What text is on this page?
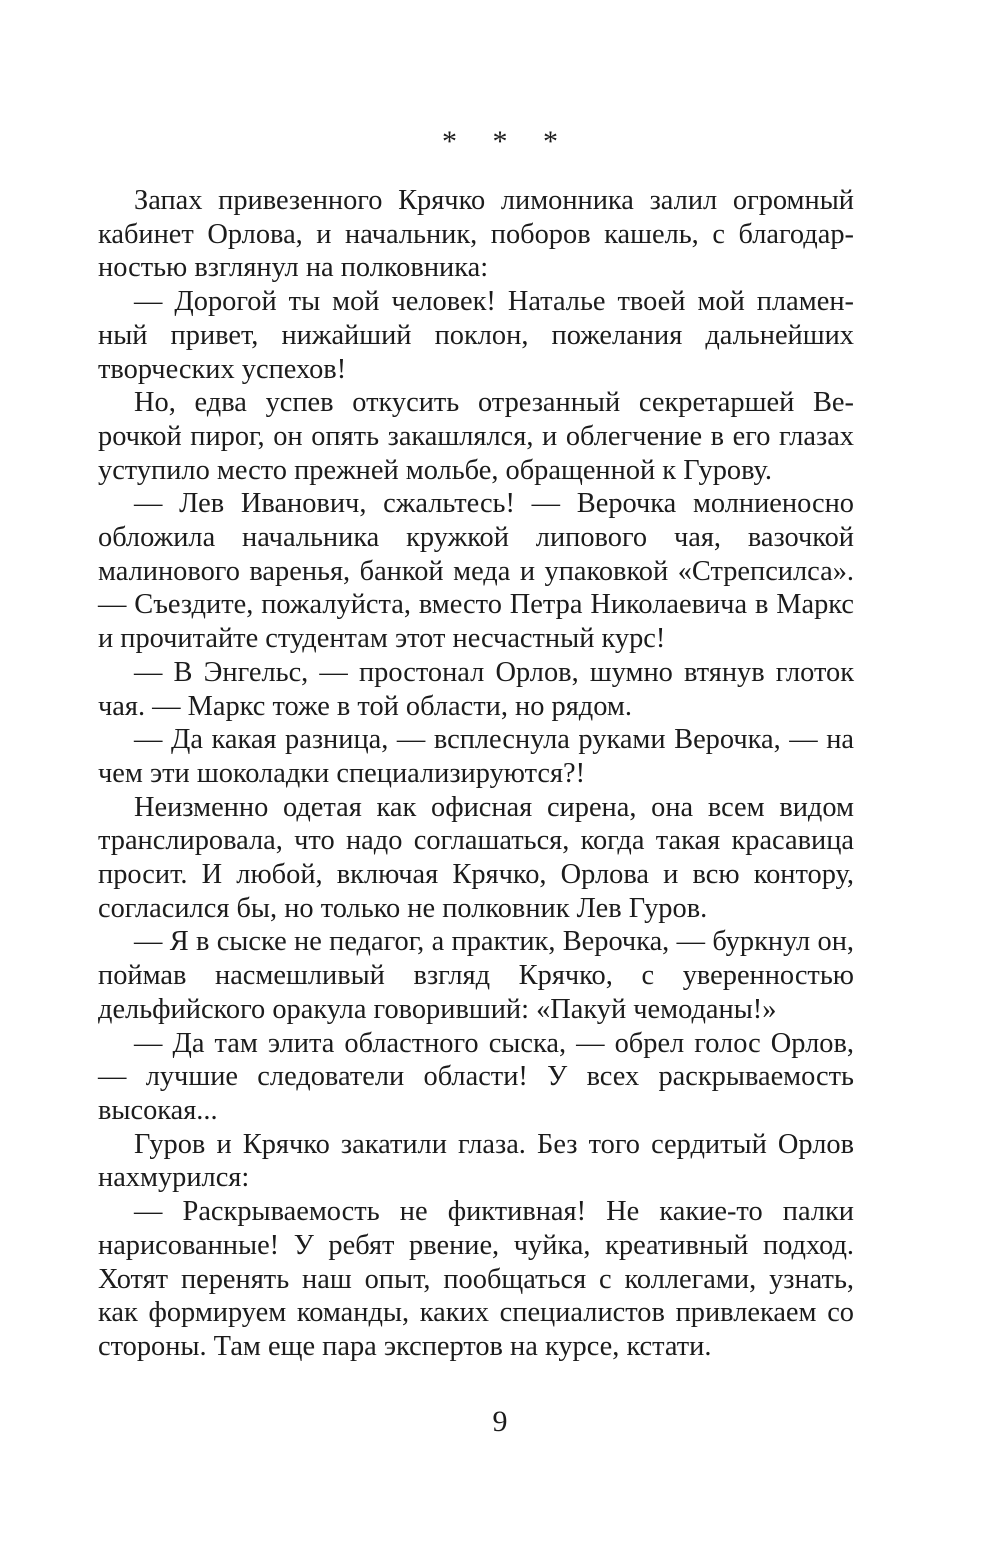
* * *

Запах привезенного Крячко лимонника залил огромный кабинет Орлова, и начальник, поборов кашель, с благодарностью взглянул на полковника:

— Дорогой ты мой человек! Наталье твоей мой пламенный привет, нижайший поклон, пожелания дальнейших творческих успехов!

Но, едва успев откусить отрезанный секретаршей Верочкой пирог, он опять закашлялся, и облегчение в его глазах уступило место прежней мольбе, обращенной к Гурову.

— Лев Иванович, сжальтесь! — Верочка молниеносно обложила начальника кружкой липового чая, вазочкой малинового варенья, банкой меда и упаковкой «Стрепсилса». — Съездите, пожалуйста, вместо Петра Николаевича в Маркс и прочитайте студентам этот несчастный курс!

— В Энгельс, — простонал Орлов, шумно втянув глоток чая. — Маркс тоже в той области, но рядом.

— Да какая разница, — всплеснула руками Верочка, — на чем эти шоколадки специализируются?!

Неизменно одетая как офисная сирена, она всем видом транслировала, что надо соглашаться, когда такая красавица просит. И любой, включая Крячко, Орлова и всю контору, согласился бы, но только не полковник Лев Гуров.

— Я в сыске не педагог, а практик, Верочка, — буркнул он, поймав насмешливый взгляд Крячко, с уверенностью дельфийского оракула говоривший: «Пакуй чемоданы!»

— Да там элита областного сыска, — обрел голос Орлов, — лучшие следователи области! У всех раскрываемость высокая...

Гуров и Крячко закатили глаза. Без того сердитый Орлов нахмурился:

— Раскрываемость не фиктивная! Не какие-то палки нарисованные! У ребят рвение, чуйка, креативный подход. Хотят перенять наш опыт, пообщаться с коллегами, узнать, как формируем команды, каких специалистов привлекаем со стороны. Там еще пара экспертов на курсе, кстати.

9
